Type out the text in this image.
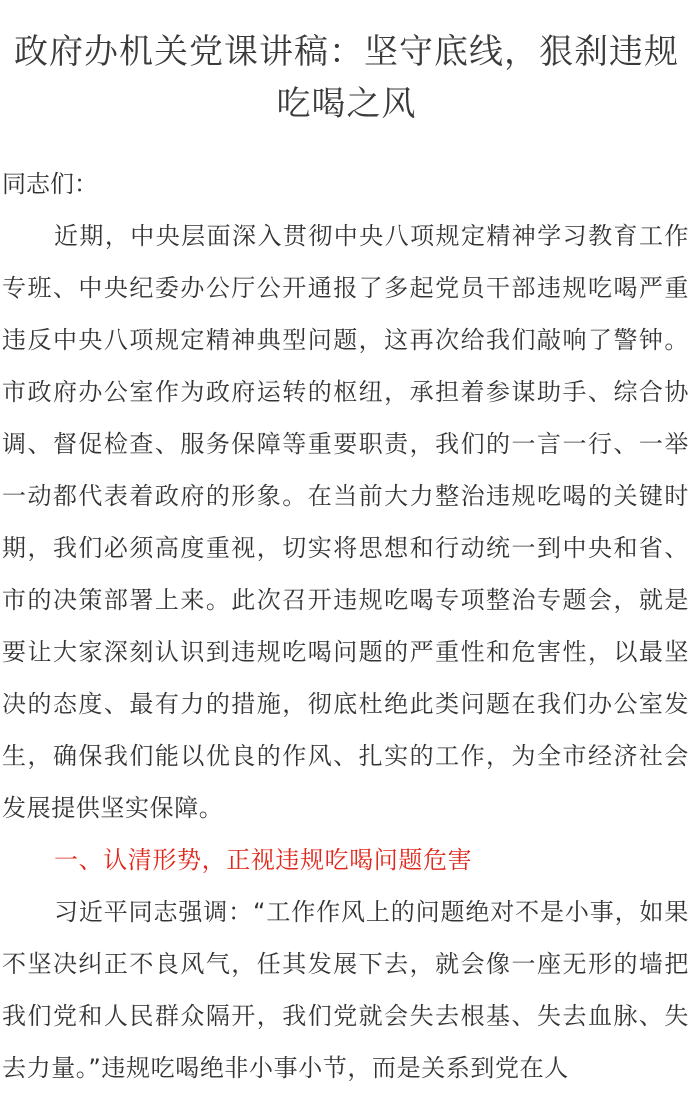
政府办机关党课讲稿：坚守底线，狠刹违规
吃喝之风

同志们：

近期，中央层面深入贯彻中央八项规定精神学习教育工作专班、中央纪委办公厅公开通报了多起党员干部违规吃喝严重违反中央八项规定精神典型问题，这再次给我们敲响了警钟。市政府办公室作为政府运转的枢纽，承担着参谋助手、综合协调、督促检查、服务保障等重要职责，我们的一言一行、一举一动都代表着政府的形象。在当前大力整治违规吃喝的关键时期，我们必须高度重视，切实将思想和行动统一到中央和省、市的决策部署上来。此次召开违规吃喝专项整治专题会，就是要让大家深刻认识到违规吃喝问题的严重性和危害性，以最坚决的态度、最有力的措施，彻底杜绝此类问题在我们办公室发生，确保我们能以优良的作风、扎实的工作，为全市经济社会发展提供坚实保障。

一、认清形势，正视违规吃喝问题危害

习近平同志强调：“工作作风上的问题绝对不是小事，如果不坚决纠正不良风气，任其发展下去，就会像一座无形的墙把我们党和人民群众隔开，我们党就会失去根基、失去血脉、失去力量。”违规吃喝绝非小事小节，而是关系到党在人
